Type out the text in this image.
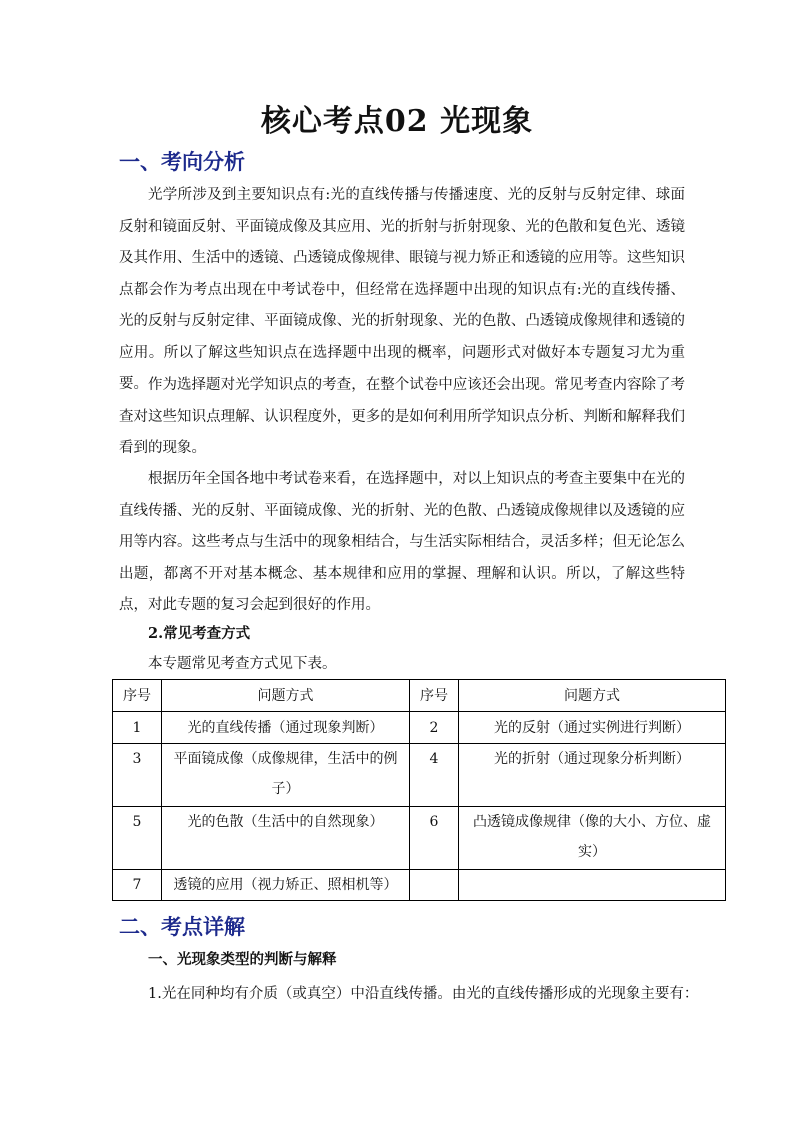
核心考点02 光现象
一、考向分析
光学所涉及到主要知识点有:光的直线传播与传播速度、光的反射与反射定律、球面反射和镜面反射、平面镜成像及其应用、光的折射与折射现象、光的色散和复色光、透镜及其作用、生活中的透镜、凸透镜成像规律、眼镜与视力矫正和透镜的应用等。这些知识点都会作为考点出现在中考试卷中，但经常在选择题中出现的知识点有:光的直线传播、光的反射与反射定律、平面镜成像、光的折射现象、光的色散、凸透镜成像规律和透镜的应用。所以了解这些知识点在选择题中出现的概率，问题形式对做好本专题复习尤为重要。 作为选择题对光学知识点的考查，在整个试卷中应该还会出现。常见考查内容除了考查对这些知识点理解、认识程度外，更多的是如何利用所学知识点分析、判断和解释我们看到的现象。
根据历年全国各地中考试卷来看，在选择题中，对以上知识点的考查主要集中在光的直线传播、光的反射、平面镜成像、光的折射、光的色散、凸透镜成像规律以及透镜的应用等内容。这些考点与生活中的现象相结合，与生活实际相结合，灵活多样；但无论怎么出题，都离不开对基本概念、基本规律和应用的掌握、理解和认识。所以，了解这些特点，对此专题的复习会起到很好的作用。
2.常见考查方式
本专题常见考查方式见下表。
序号	问题方式	序号	问题方式
1	光的直线传播（通过现象判断）	2	光的反射（通过实例进行判断）
3	平面镜成像（成像规律，生活中的例子）	4	光的折射（通过现象分析判断）
5	光的色散（生活中的自然现象）	6	凸透镜成像规律（像的大小、方位、虚实）
7	透镜的应用（视力矫正、照相机等）		
二、考点详解
一、光现象类型的判断与解释
1.光在同种均有介质（或真空）中沿直线传播。由光的直线传播形成的光现象主要有：
